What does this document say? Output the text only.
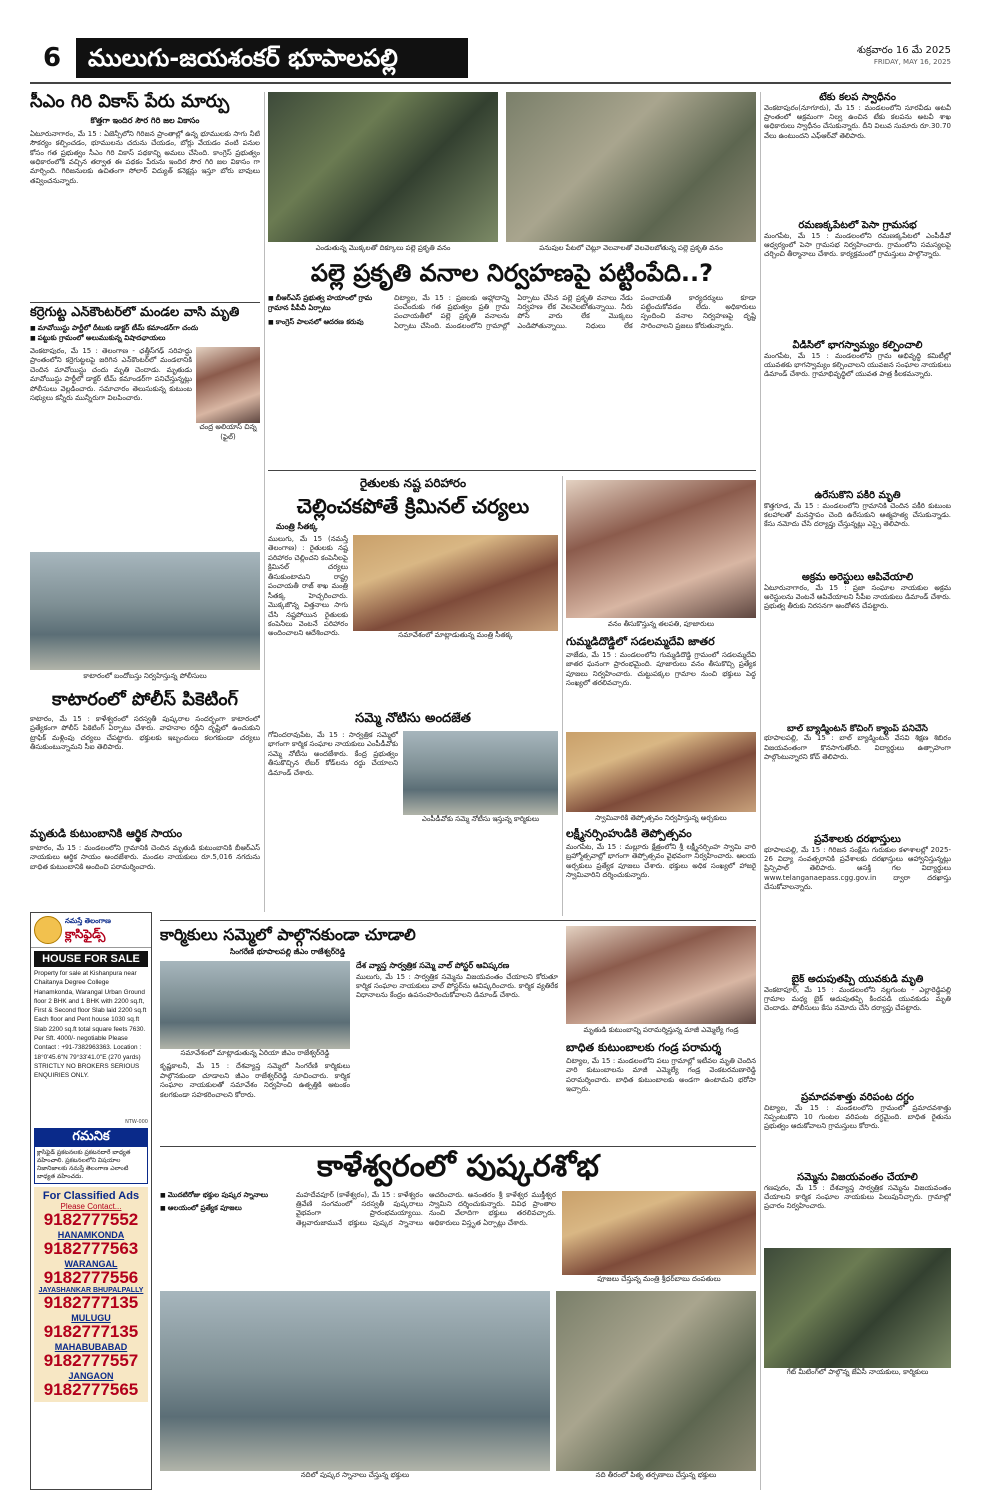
6	ములుగు-జయశంకర్ భూపాలపల్లి	శుక్రవారం 16 మే 2025
FRIDAY, MAY 16, 2025
సీఎం గిరి వికాస్ పేరు మార్పు
కొత్తగా ఇందిర సౌర గిరి జల వికాసం
ఏటూరునాగారం, మే 15 : ఏజెన్సీలోని గిరిజన ప్రాంతాల్లో ఉన్న భూములకు సాగు నీటి సౌకర్యం కల్పించడం, భూములను చదును చేయడం, బోర్లు వేయడం వంటి పనుల కోసం గత ప్రభుత్వం సీఎం గిరి వికాస్ పథకాన్ని అమలు చేసింది. కాంగ్రెస్ ప్రభుత్వం అధికారంలోకి వచ్చిన తర్వాత ఈ పథకం పేరును ఇందిర సౌర గిరి జల వికాసం గా మార్చింది. గిరిజనులకు ఉచితంగా సోలార్ విద్యుత్ కనెక్షన్లు ఇస్తూ బోరు బావులు తవ్వించనున్నారు.
కర్రెగుట్ట ఎన్‌కౌంటర్‌లో మండల వాసి మృతి
■ మావోయిస్టు పార్టీలో దీటుకు డాక్టర్ టీమ్ కమాండర్‌గా చందు
■ పట్టుకు గ్రామంలో అలుముకున్న విషాదఛాయలు
వెంకటాపురం, మే 15 : తెలంగాణ - ఛత్తీస్‌గఢ్ సరిహద్దు ప్రాంతంలోని కర్రెగుట్టలపై జరిగిన ఎన్‌కౌంటర్‌లో మండలానికి చెందిన మావోయిస్టు చందు మృతి చెందాడు. మృతుడు మావోయిస్టు పార్టీలో డాక్టర్ టీమ్ కమాండర్‌గా పనిచేస్తున్నట్లు పోలీసులు వెల్లడించారు. సమాచారం తెలుసుకున్న కుటుంబ సభ్యులు కన్నీరు మున్నీరుగా విలపించారు.
చంద్ర అలియాస్ చిన్న (ఫైల్)
కాటారంలో బందోబస్తు నిర్వహిస్తున్న పోలీసులు
కాటారంలో పోలీస్ పికెటింగ్
కాటారం, మే 15 : కాళేశ్వరంలో సరస్వతీ పుష్కరాల సందర్భంగా కాటారంలో ప్రత్యేకంగా పోలీస్ పికెటింగ్ ఏర్పాటు చేశారు. వాహనాల రద్దీని దృష్టిలో ఉంచుకుని ట్రాఫిక్ మళ్లింపు చర్యలు చేపట్టారు. భక్తులకు ఇబ్బందులు కలగకుండా చర్యలు తీసుకుంటున్నామని సీఐ తెలిపారు.
మృతుడి కుటుంబానికి ఆర్థిక సాయం
కాటారం, మే 15 : మండలంలోని గ్రామానికి చెందిన మృతుడి కుటుంబానికి బీఆర్ఎస్ నాయకులు ఆర్థిక సాయం అందజేశారు. మండల నాయకులు రూ.5,016 నగదును బాధిత కుటుంబానికి అందించి పరామర్శించారు.
నమస్తే తెలంగాణ
క్లాసిఫైడ్స్
HOUSE FOR SALE
Property for sale at Kishanpura near Chaitanya Degree College Hanamkonda, Warangal Urban Ground floor 2 BHK and 1 BHK with 2200 sq.ft, First & Second floor Slab laid 2200 sq.ft Each floor and Pent house 1030 sq.ft Slab 2200 sq.ft total square feets 7630. Per Sft. 4000/- negotiable Please Contact : +91-7382963363. Location : 18°0'45.6"N 79°33'41.0"E (270 yards) STRICTLY NO BROKERS SERIOUS ENQUIRIES ONLY.
NTW-000
గమనిక
క్లాసిఫైడ్ ప్రకటనలకు ప్రకటనదారే బాధ్యత వహించాలి. ప్రకటనలలోని విషయాల నిజానిజాలకు నమస్తే తెలంగాణ ఎలాంటి బాధ్యత వహించదు.
For Classified Ads
Please Contact...
9182777552
HANAMKONDA
9182777563
WARANGAL
9182777556
JAYASHANKAR BHUPALPALLY
9182777135
MULUGU
9182777135
MAHABUBABAD
9182777557
JANGAON
9182777565
ఎండుతున్న మొక్కలతో దిక్కూలు పల్లె ప్రకృతి వనం	పనుపుల పేటలో చెట్లూ వెలవాలతో వెలవెలబోతున్న పల్లె ప్రకృతి వనం
పల్లె ప్రకృతి వనాల నిర్వహణపై పట్టింపేది..?
■ బీఆర్ఎస్ ప్రభుత్వ హయాంలో గ్రామ గ్రామాన పీపీవీ ఏర్పాటు
■ కాంగ్రెస్ పాలనలో ఆదరణ కరువు
చిట్యాల, మే 15 : ప్రజలకు ఆహ్లాదాన్ని పంచేందుకు గత ప్రభుత్వం ప్రతి గ్రామ పంచాయతీలో పల్లె ప్రకృతి వనాలను ఏర్పాటు చేసింది. మండలంలోని గ్రామాల్లో ఏర్పాటు చేసిన పల్లె ప్రకృతి వనాలు నేడు నిర్వహణ లేక వెలవెలబోతున్నాయి. నీరు పోసే వారు లేక మొక్కలు ఎండిపోతున్నాయి. నిధులు లేక పంచాయతీ కార్యదర్శులు కూడా పట్టించుకోవడం లేదు. అధికారులు స్పందించి వనాల నిర్వహణపై దృష్టి సారించాలని ప్రజలు కోరుతున్నారు.
రైతులకు నష్ట పరిహారం
చెల్లించకపోతే క్రిమినల్ చర్యలు
మంత్రి సీతక్క
ములుగు, మే 15 (నమస్తే తెలంగాణ) : రైతులకు నష్ట పరిహారం చెల్లించని కంపెనీలపై క్రిమినల్ చర్యలు తీసుకుంటామని రాష్ట్ర పంచాయతీ రాజ్ శాఖ మంత్రి సీతక్క హెచ్చరించారు. మొక్కజొన్న విత్తనాలు సాగు చేసి నష్టపోయిన రైతులకు కంపెనీలు వెంటనే పరిహారం అందించాలని ఆదేశించారు.	సమావేశంలో మాట్లాడుతున్న మంత్రి సీతక్క
సమ్మె నోటీసు అందజేత
గోవిందరావుపేట, మే 15 : సార్వత్రిక సమ్మెలో భాగంగా కార్మిక సంఘాల నాయకులు ఎంపీడీవోకు సమ్మె నోటీసు అందజేశారు. కేంద్ర ప్రభుత్వం తీసుకొచ్చిన లేబర్ కోడ్‌లను రద్దు చేయాలని డిమాండ్ చేశారు.
ఎంపీడీవోకు సమ్మె నోటీసు ఇస్తున్న కార్మికులు
వనం తీసుకొస్తున్న తలపతి, పూజారులు
గుమ్మడిదొడ్డిలో సడలమ్మదేవి జాతర
వాజేడు, మే 15 : మండలంలోని గుమ్మడిదొడ్డి గ్రామంలో సడలమ్మదేవి జాతర ఘనంగా ప్రారంభమైంది. పూజారులు వనం తీసుకొచ్చి ప్రత్యేక పూజలు నిర్వహించారు. చుట్టుపక్కల గ్రామాల నుంచి భక్తులు పెద్ద సంఖ్యలో తరలివచ్చారు.
స్వామివారికి తెప్పోత్సవం నిర్వహిస్తున్న అర్చకులు
లక్ష్మీనర్సింహుడికి తెప్పోత్సవం
మంగపేట, మే 15 : మల్లూరు క్షేత్రంలోని శ్రీ లక్ష్మీనర్సింహ స్వామి వారి బ్రహ్మోత్సవాల్లో భాగంగా తెప్పోత్సవం వైభవంగా నిర్వహించారు. ఆలయ అర్చకులు ప్రత్యేక పూజలు చేశారు. భక్తులు అధిక సంఖ్యలో హాజరై స్వామివారిని దర్శించుకున్నారు.
కార్మికులు సమ్మెలో పాల్గొనకుండా చూడాలి
సింగరేణి భూపాలపల్లి జీఎం రాజేశ్వర్‌రెడ్డి
సమావేశంలో మాట్లాడుతున్న ఏరియా జీఎం రాజేశ్వర్‌రెడ్డి
కృష్ణకాలనీ, మే 15 : దేశవ్యాప్త సమ్మెలో సింగరేణి కార్మికులు పాల్గొనకుండా చూడాలని జీఎం రాజేశ్వర్‌రెడ్డి సూచించారు. కార్మిక సంఘాల నాయకులతో సమావేశం నిర్వహించి ఉత్పత్తికి ఆటంకం కలగకుండా సహకరించాలని కోరారు.
దేశ వ్యాప్త సార్వత్రిక సమ్మె వాల్ పోస్టర్ ఆవిష్కరణ
ములుగు, మే 15 : సార్వత్రిక సమ్మెను విజయవంతం చేయాలని కోరుతూ కార్మిక సంఘాల నాయకులు వాల్ పోస్టర్‌ను ఆవిష్కరించారు. కార్మిక వ్యతిరేక విధానాలను కేంద్రం ఉపసంహరించుకోవాలని డిమాండ్ చేశారు.
మృతుడి కుటుంబాన్ని పరామర్శిస్తున్న మాజీ ఎమ్మెల్యే గండ్ర
బాధిత కుటుంబాలకు గండ్ర పరామర్శ
చిట్యాల, మే 15 : మండలంలోని పలు గ్రామాల్లో ఇటీవల మృతి చెందిన వారి కుటుంబాలను మాజీ ఎమ్మెల్యే గండ్ర వెంకటరమణారెడ్డి పరామర్శించారు. బాధిత కుటుంబాలకు అండగా ఉంటామని భరోసా ఇచ్చారు.
కాళేశ్వరంలో పుష్కరశోభ
■ మొదటిరోజు భక్తుల పుష్కర స్నానాలు
■ ఆలయంలో ప్రత్యేక పూజలు
మహదేవపూర్ (కాళేశ్వరం), మే 15 : కాళేశ్వరం త్రివేణి సంగమంలో సరస్వతీ పుష్కరాలు వైభవంగా ప్రారంభమయ్యాయి. తెల్లవారుజామునే భక్తులు పుష్కర స్నానాలు ఆచరించారు. అనంతరం శ్రీ కాళేశ్వర ముక్తీశ్వర స్వామిని దర్శించుకున్నారు. వివిధ ప్రాంతాల నుంచి వేలాదిగా భక్తులు తరలివచ్చారు. అధికారులు విస్తృత ఏర్పాట్లు చేశారు.
పూజలు చేస్తున్న మంత్రి శ్రీధర్‌బాబు దంపతులు
నదిలో పుష్కర స్నానాలు చేస్తున్న భక్తులు	నది తీరంలో పితృ తర్పణాలు చేస్తున్న భక్తులు
టేకు కలప స్వాధీనం
వెంకటాపురం(నూగూరు), మే 15 : మండలంలోని సూరవీడు అటవీ ప్రాంతంలో అక్రమంగా నిల్వ ఉంచిన టేకు కలపను అటవీ శాఖ అధికారులు స్వాధీనం చేసుకున్నారు. దీని విలువ సుమారు రూ.30.70 వేలు ఉంటుందని ఎఫ్ఆర్‌వో తెలిపారు.
రమణక్కపేటలో పెసా గ్రామసభ
మంగపేట, మే 15 : మండలంలోని రమణక్కపేటలో ఎంపీడీవో ఆధ్వర్యంలో పెసా గ్రామసభ నిర్వహించారు. గ్రామంలోని సమస్యలపై చర్చించి తీర్మానాలు చేశారు. కార్యక్రమంలో గ్రామస్తులు పాల్గొన్నారు.
వీడీసీలో భాగస్వామ్యం కల్పించాలి
మంగపేట, మే 15 : మండలంలోని గ్రామ అభివృద్ధి కమిటీల్లో యువతకు భాగస్వామ్యం కల్పించాలని యువజన సంఘాల నాయకులు డిమాండ్ చేశారు. గ్రామాభివృద్ధిలో యువత పాత్ర కీలకమన్నారు.
ఉరేసుకొని పకీరి మృతి
కొత్తగూడ, మే 15 : మండలంలోని గ్రామానికి చెందిన పకీరి కుటుంబ కలహాలతో మనస్తాపం చెంది ఉరేసుకుని ఆత్మహత్య చేసుకున్నాడు. కేసు నమోదు చేసి దర్యాప్తు చేస్తున్నట్లు ఎస్సై తెలిపారు.
అక్రమ అరెస్టులు ఆపివేయాలి
ఏటూరునాగారం, మే 15 : ప్రజా సంఘాల నాయకుల అక్రమ అరెస్టులను వెంటనే ఆపివేయాలని సీపీఐ నాయకులు డిమాండ్ చేశారు. ప్రభుత్వ తీరుకు నిరసనగా ఆందోళన చేపట్టారు.
బాల్ బ్యాడ్మింటన్ కోచింగ్ క్యాంప్ పనిచేసే
భూపాలపల్లి, మే 15 : బాల్ బ్యాడ్మింటన్ వేసవి శిక్షణ శిబిరం విజయవంతంగా కొనసాగుతోంది. విద్యార్థులు ఉత్సాహంగా పాల్గొంటున్నారని కోచ్ తెలిపారు.
ప్రవేశాలకు దరఖాస్తులు
భూపాలపల్లి, మే 15 : గిరిజన సంక్షేమ గురుకుల కళాశాలల్లో 2025-26 విద్యా సంవత్సరానికి ప్రవేశాలకు దరఖాస్తులు ఆహ్వానిస్తున్నట్లు ప్రిన్సిపాల్ తెలిపారు. ఆసక్తి గల విద్యార్థులు www.telanganaepass.cgg.gov.in ద్వారా దరఖాస్తు చేసుకోవాలన్నారు.
బైక్ అదుపుతప్పి యువకుడి మృతి
వెంకటాపూర్, మే 15 : మండలంలోని నల్లగుంట - ఎల్లారెడ్డిపల్లి గ్రామాల మధ్య బైక్ అదుపుతప్పి కిందపడి యువకుడు మృతి చెందాడు. పోలీసులు కేసు నమోదు చేసి దర్యాప్తు చేపట్టారు.
ప్రమాదవశాత్తు వరిపంట దగ్ధం
చిట్యాల, మే 15 : మండలంలోని గ్రామంలో ప్రమాదవశాత్తు నిప్పంటుకొని 10 గుంటల వరిపంట దగ్ధమైంది. బాధిత రైతును ప్రభుత్వం ఆదుకోవాలని గ్రామస్తులు కోరారు.
సమ్మెను విజయవంతం చేయాలి
గణపురం, మే 15 : దేశవ్యాప్త సార్వత్రిక సమ్మెను విజయవంతం చేయాలని కార్మిక సంఘాల నాయకులు పిలుపునిచ్చారు. గ్రామాల్లో ప్రచారం నిర్వహించారు.
గేట్ మీటింగ్‌లో పాల్గొన్న జేఏసీ నాయకులు, కార్మికులు
